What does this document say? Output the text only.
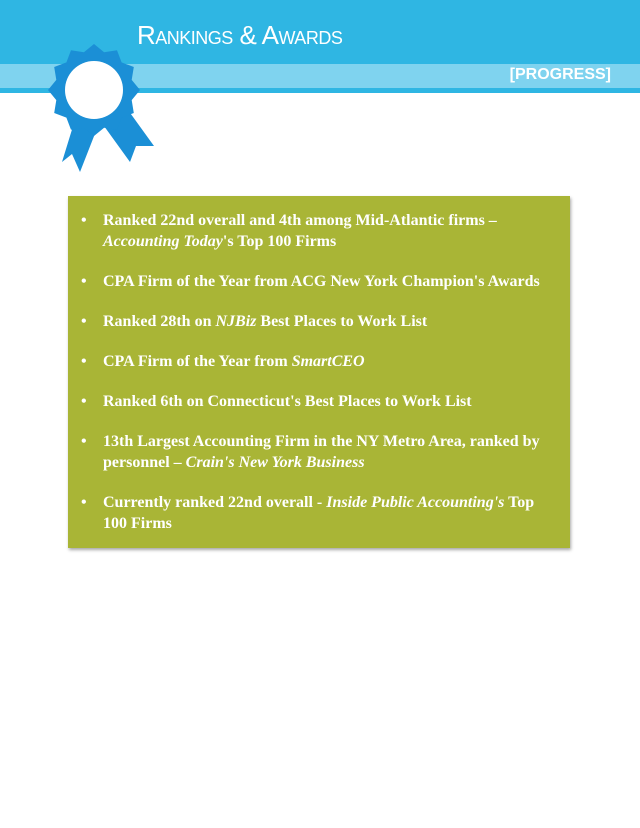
Rankings & Awards
[PROGRESS]
• Ranked 22nd overall and 4th among Mid-Atlantic firms – Accounting Today's Top 100 Firms
• CPA Firm of the Year from ACG New York Champion's Awards
• Ranked 28th on NJBiz Best Places to Work List
• CPA Firm of the Year from SmartCEO
• Ranked 6th on Connecticut's Best Places to Work List
• 13th Largest Accounting Firm in the NY Metro Area, ranked by personnel – Crain's New York Business
• Currently ranked 22nd overall - Inside Public Accounting's Top 100 Firms
